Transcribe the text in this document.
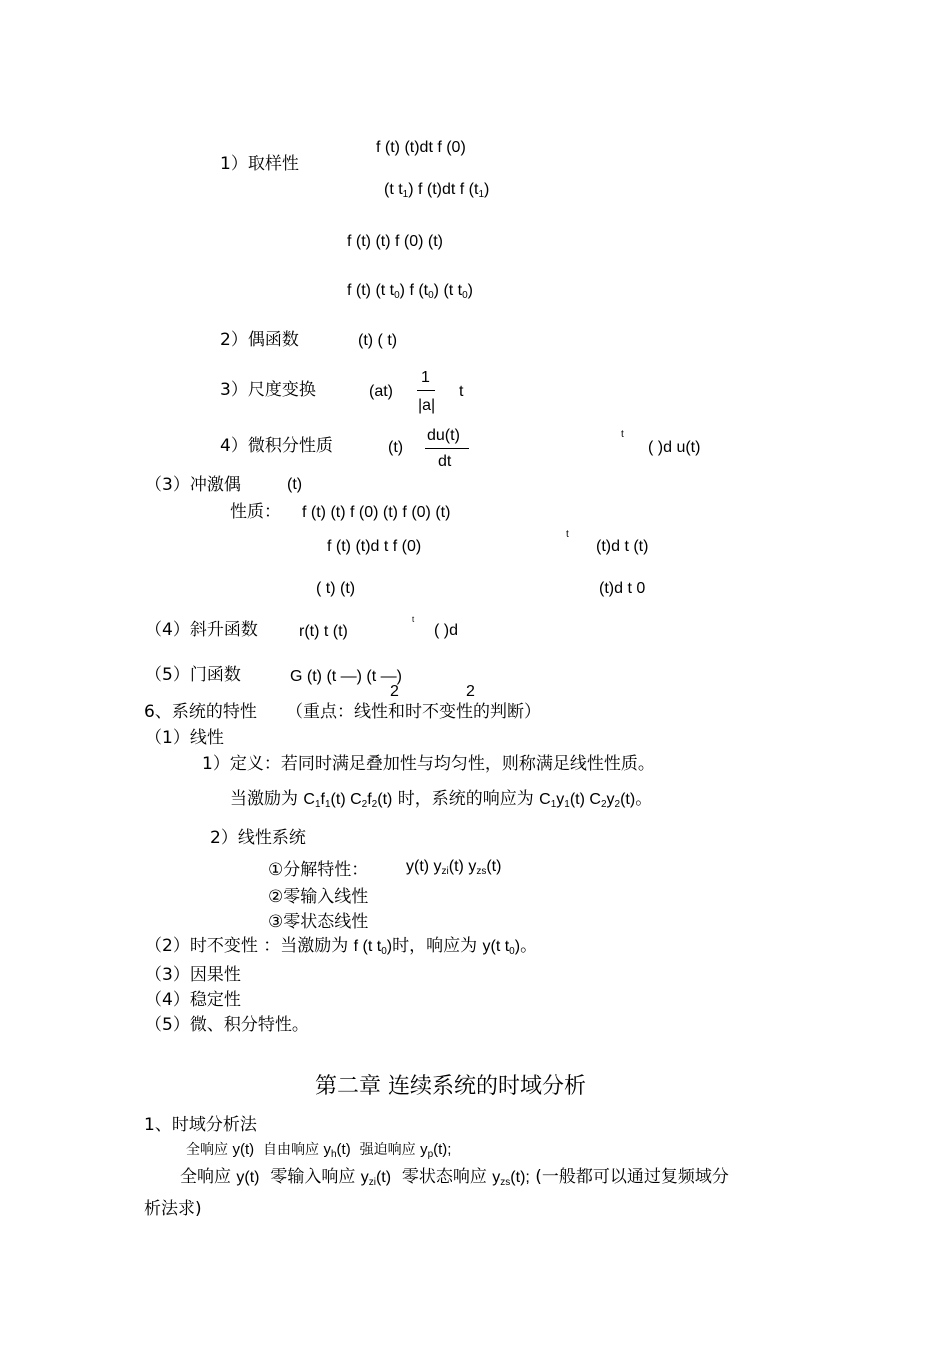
1）取样性
f (t) (t)dt f (0)
(t t1) f (t)dt f (t1)
f (t) (t) f (0) (t)
f (t) (t t0) f (t0) (t t0)
2）偶函数	(t) ( t)
3）尺度变换	(at)
1
|a|
t
4）微积分性质	(t)
du(t)
dt
t
( )d u(t)
（3）冲激偶	(t)
性质： f (t) (t) f (0) (t) f (0) (t)
f (t) (t)d t f (0)
t
(t)d t (t)
( t) (t)	(t)d t 0
（4）斜升函数	r(t) t (t)
t
( )d
（5）门函数	G (t) (t —) (t —)
2	2
6、系统的特性 （重点：线性和时不变性的判断）
（1）线性
1）定义：若同时满足叠加性与均匀性，则称满足线性性质。
当激励为 C1f1(t) C2f2(t) 时，系统的响应为 C1y1(t) C2y2(t)。
2）线性系统
①分解特性： y(t) yzi(t) yzs(t)
②零输入线性
③零状态线性
（2）时不变性 ：当激励为 f (t t0)时，响应为 y(t t0)。
（3）因果性
（4）稳定性
（5）微、积分特性。
第二章 连续系统的时域分析
1、时域分析法
全响应 y(t) 自由响应 $y_h(t)$ 强迫响应 $y_p(t)$;
全响应 y(t) 零输入响应 yzi(t) 零状态响应 yzs(t); (一般都可以通过复频域分
析法求)
